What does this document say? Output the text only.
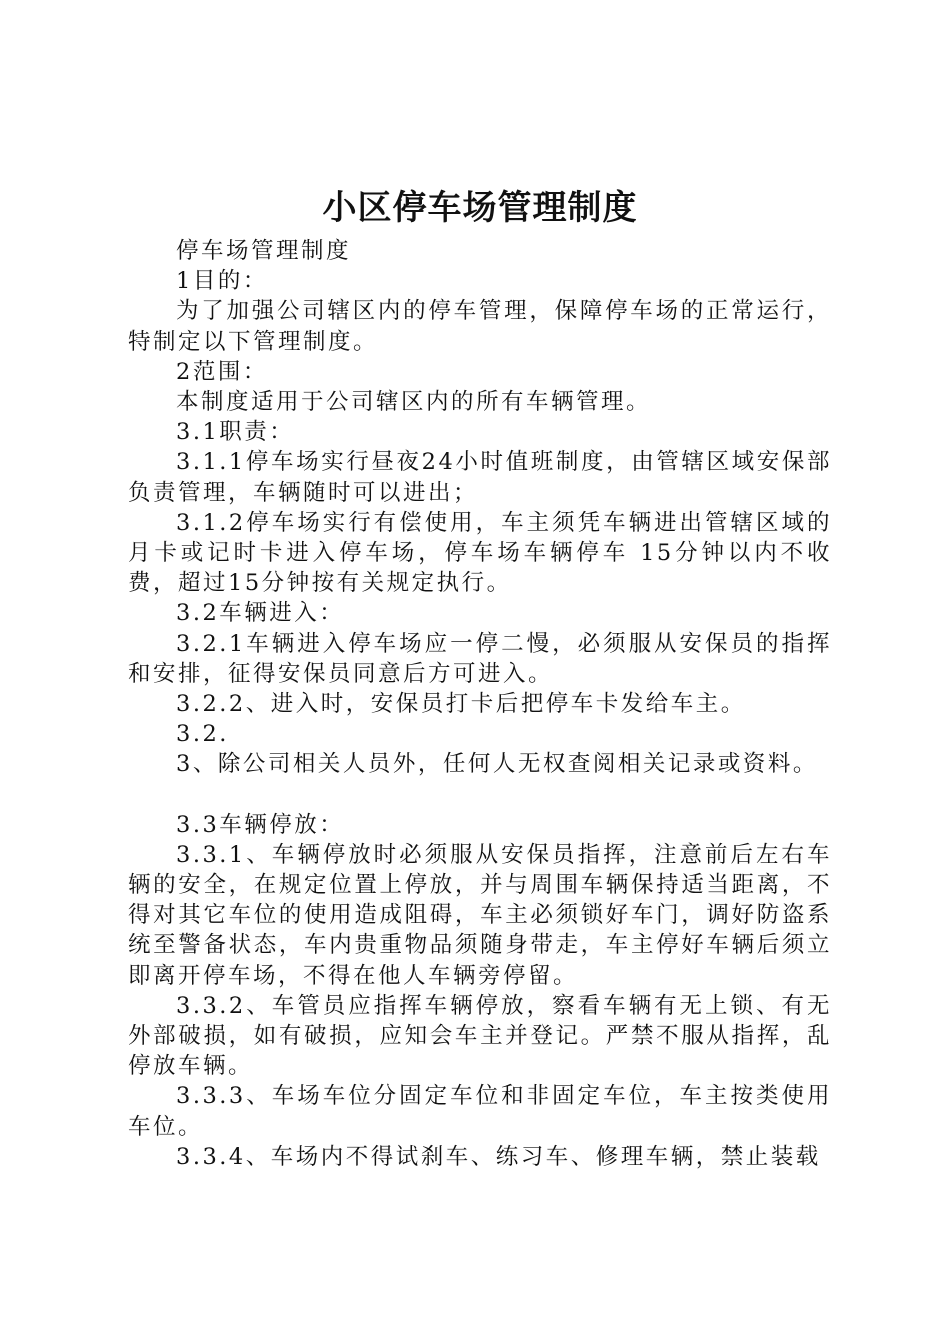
小区停车场管理制度

停车场管理制度

1目的：

为了加强公司辖区内的停车管理，保障停车场的正常运行，特制定以下管理制度。

2范围：

本制度适用于公司辖区内的所有车辆管理。

3.1职责：

3.1.1停车场实行昼夜24小时值班制度，由管辖区域安保部负责管理，车辆随时可以进出；

3.1.2停车场实行有偿使用，车主须凭车辆进出管辖区域的月卡或记时卡进入停车场，停车场车辆停车 15分钟以内不收费，超过15分钟按有关规定执行。

3.2车辆进入：

3.2.1车辆进入停车场应一停二慢，必须服从安保员的指挥和安排，征得安保员同意后方可进入。

3.2.2、进入时，安保员打卡后把停车卡发给车主。

3.2.

3、除公司相关人员外，任何人无权查阅相关记录或资料。

3.3车辆停放：

3.3.1、车辆停放时必须服从安保员指挥，注意前后左右车辆的安全，在规定位置上停放，并与周围车辆保持适当距离，不得对其它车位的使用造成阻碍，车主必须锁好车门，调好防盗系统至警备状态，车内贵重物品须随身带走，车主停好车辆后须立即离开停车场，不得在他人车辆旁停留。

3.3.2、车管员应指挥车辆停放，察看车辆有无上锁、有无外部破损，如有破损，应知会车主并登记。严禁不服从指挥，乱停放车辆。

3.3.3、车场车位分固定车位和非固定车位，车主按类使用车位。

3.3.4、车场内不得试刹车、练习车、修理车辆，禁止装载
